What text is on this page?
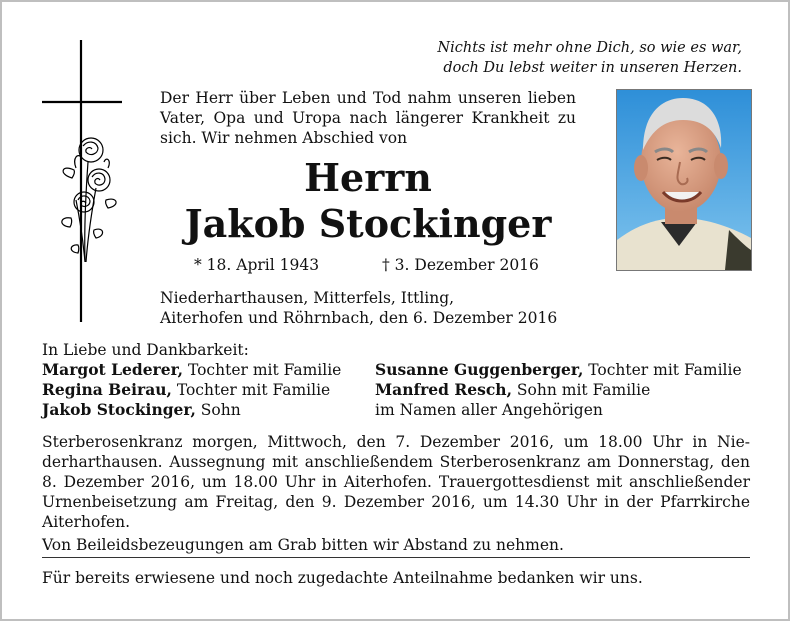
Nichts ist mehr ohne Dich, so wie es war,
doch Du lebst weiter in unseren Herzen.
Der Herr über Leben und Tod nahm unseren lieben Vater, Opa und Uropa nach längerer Krankheit zu sich. Wir nehmen Abschied von
Herrn
Jakob Stockinger
* 18. April 1943	† 3. Dezember 2016
Niederharthausen, Mitterfels, Ittling,
Aiterhofen und Röhrnbach, den 6. Dezember 2016
In Liebe und Dankbarkeit:
Margot Lederer, Tochter mit Familie
Regina Beirau, Tochter mit Familie
Jakob Stockinger, Sohn
Susanne Guggenberger, Tochter mit Familie
Manfred Resch, Sohn mit Familie
im Namen aller Angehörigen
Sterberosenkranz morgen, Mittwoch, den 7. Dezember 2016, um 18.00 Uhr in Niederharthausen. Aussegnung mit anschließendem Sterberosenkranz am Donnerstag, den 8. Dezember 2016, um 18.00 Uhr in Aiterhofen. Trauergottesdienst mit anschließender Urnenbeisetzung am Freitag, den 9. Dezember 2016, um 14.30 Uhr in der Pfarrkirche Aiterhofen.
Von Beileidsbezeugungen am Grab bitten wir Abstand zu nehmen.
Für bereits erwiesene und noch zugedachte Anteilnahme bedanken wir uns.
